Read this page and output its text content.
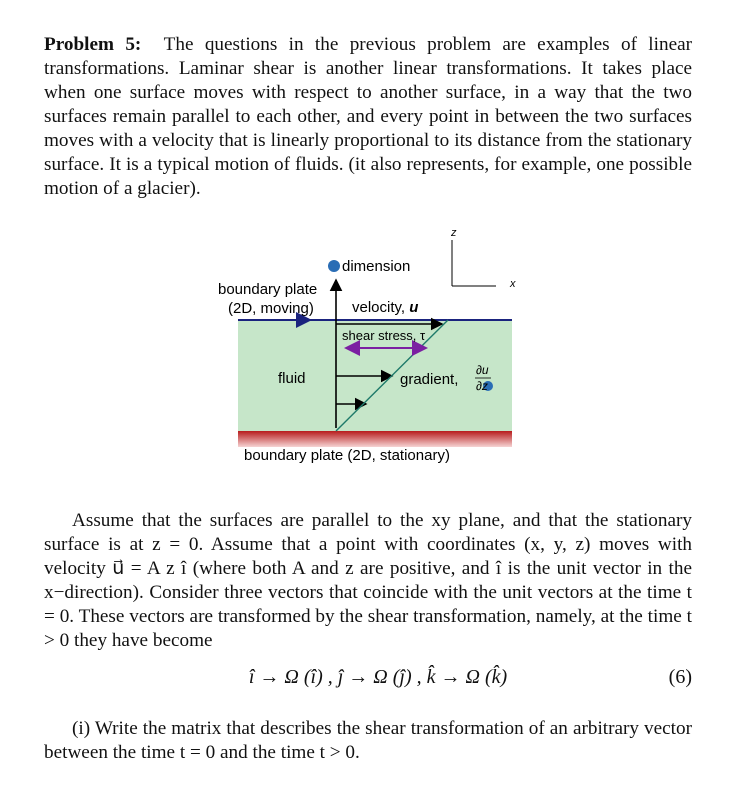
Problem 5: The questions in the previous problem are examples of linear transformations. Laminar shear is another linear transformations. It takes place when one surface moves with respect to another surface, in a way that the two surfaces remain parallel to each other, and every point in between the two surfaces moves with a velocity that is linearly proportional to its distance from the stationary surface. It is a typical motion of fluids. (it also represents, for example, one possible motion of a glacier).
dimension
boundary plate
(2D, moving)	velocity, u
shear stress, τ
fluid	gradient,
∂u
∂z
boundary plate (2D, stationary)
z
x
Assume that the surfaces are parallel to the xy plane, and that the stationary surface is at z = 0. Assume that a point with coordinates (x, y, z) moves with velocity u⃗ = A z î (where both A and z are positive, and î is the unit vector in the x−direction). Consider three vectors that coincide with the unit vectors at the time t = 0. These vectors are transformed by the shear transformation, namely, at the time t > 0 they have become
î → Ω (î) , ĵ → Ω (ĵ) , k̂ → Ω (k̂)	(6)
(i) Write the matrix that describes the shear transformation of an arbitrary vector between the time t = 0 and the time t > 0.
